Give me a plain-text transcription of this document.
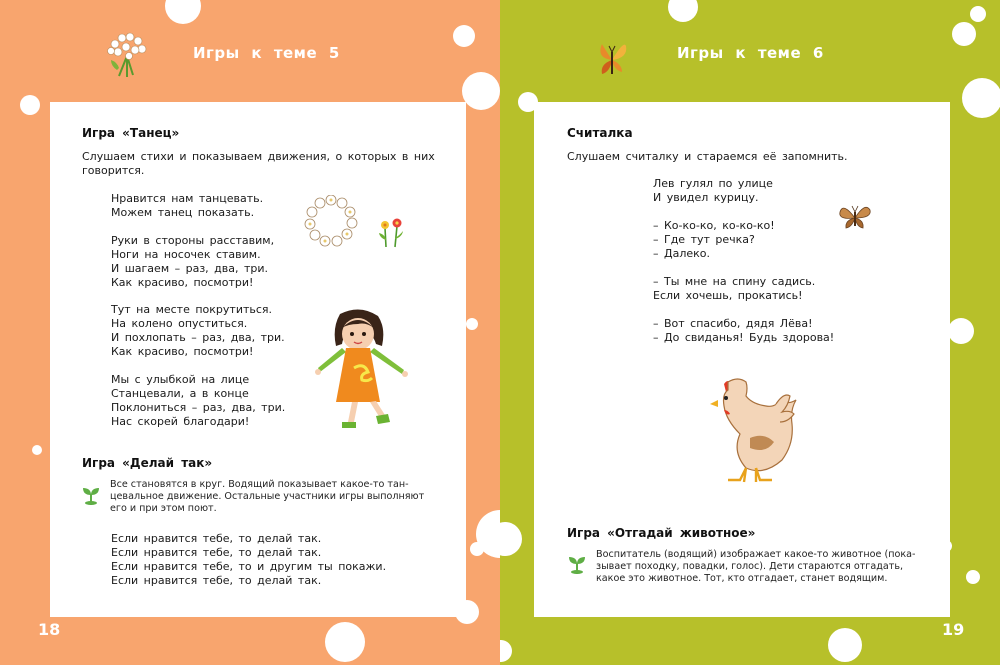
Игры к теме 5
Игра «Танец»
Слушаем стихи и показываем движения, о которых в них
говорится.
Нравится нам танцевать.
Можем танец показать.
Руки в стороны расставим,
Ноги на носочек ставим.
И шагаем – раз, два, три.
Как красиво, посмотри!
Тут на месте покрутиться.
На колено опуститься.
И похлопать – раз, два, три.
Как красиво, посмотри!
Мы с улыбкой на лице
Станцевали, а в конце
Поклониться – раз, два, три.
Нас скорей благодари!
Игра «Делай так»
Все становятся в круг. Водящий показывает какое-то тан-
цевальное движение. Остальные участники игры выполняют
его и при этом поют.
Если нравится тебе, то делай так.
Если нравится тебе, то делай так.
Если нравится тебе, то и другим ты покажи.
Если нравится тебе, то делай так.
18
Игры к теме 6
Считалка
Слушаем считалку и стараемся её запомнить.
Лев гулял по улице
И увидел курицу.
– Ко-ко-ко, ко-ко-ко!
– Где тут речка?
– Далеко.
– Ты мне на спину садись.
Если хочешь, прокатись!
– Вот спасибо, дядя Лёва!
– До свиданья! Будь здорова!
Игра «Отгадай животное»
Воспитатель (водящий) изображает какое-то животное (пока-
зывает походку, повадки, голос). Дети стараются отгадать,
какое это животное. Тот, кто отгадает, станет водящим.
19
